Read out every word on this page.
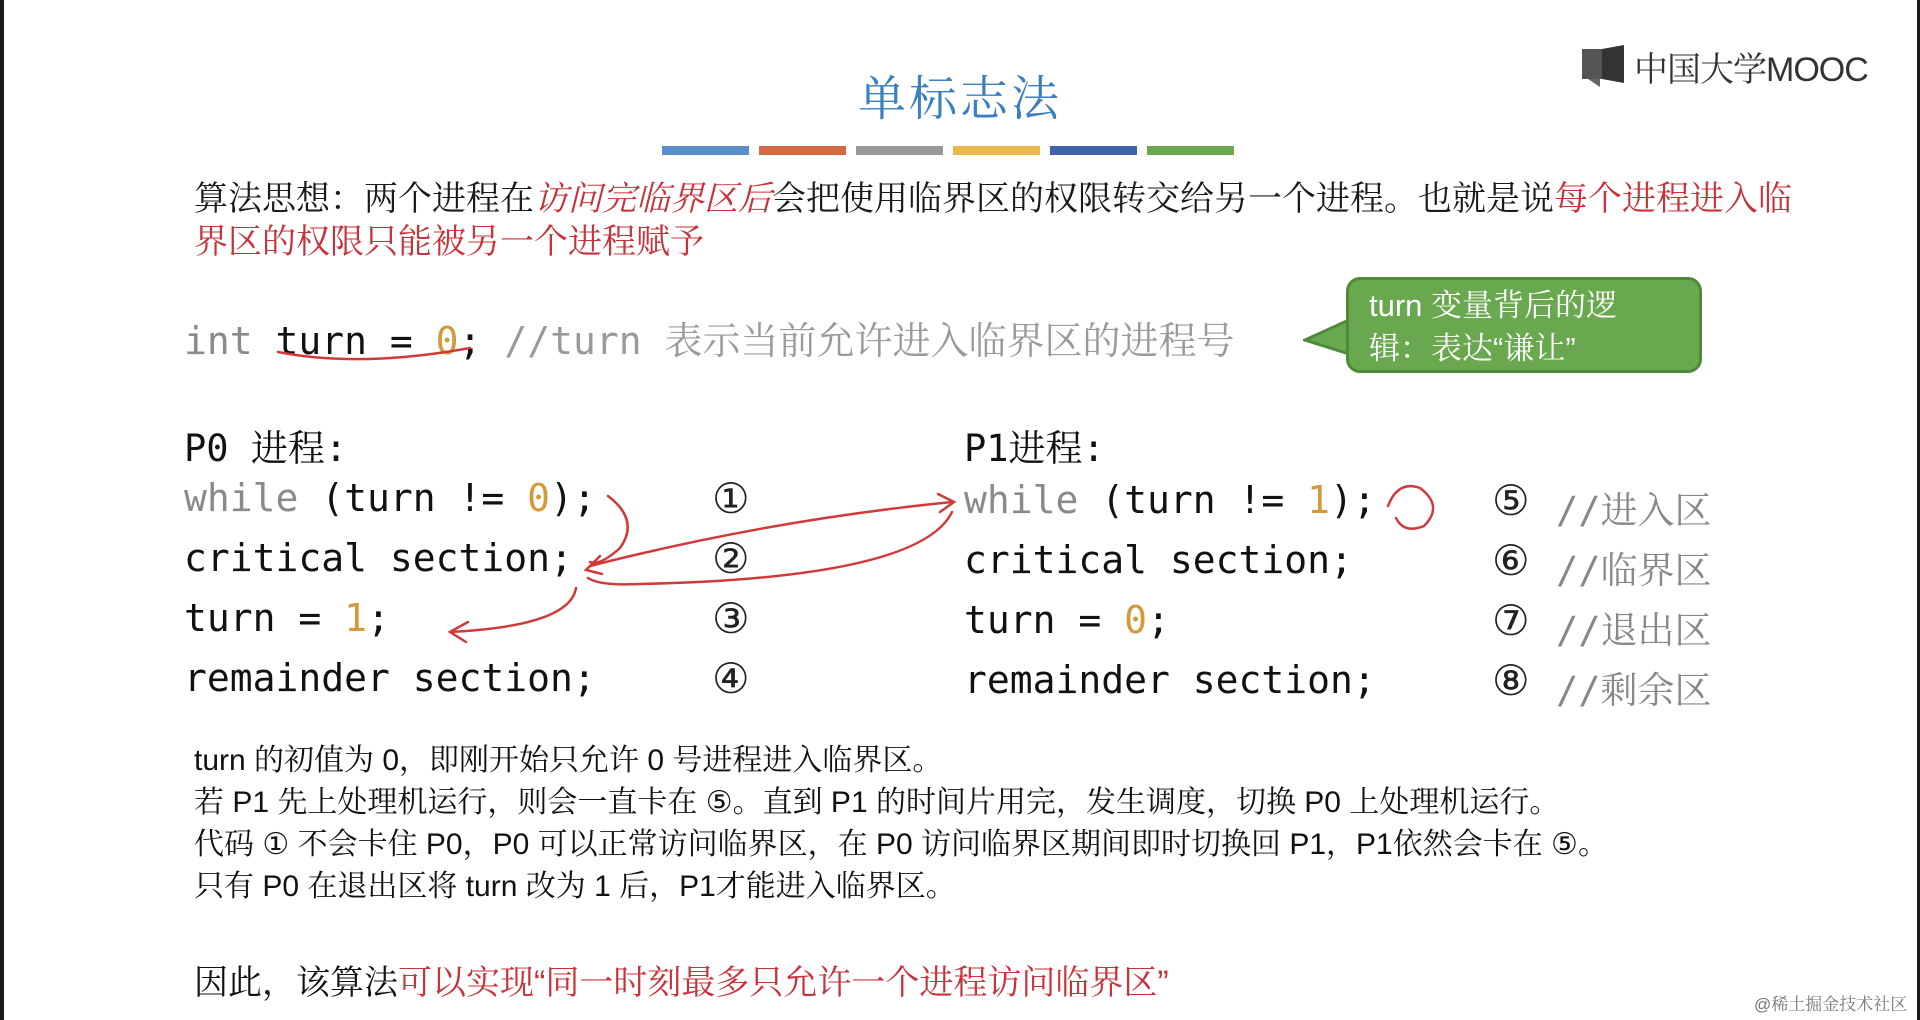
单标志法
中国大学MOOC
算法思想：两个进程在访问完临界区后会把使用临界区的权限转交给另一个进程。也就是说每个进程进入临界区的权限只能被另一个进程赋予
int turn = 0; //turn 表示当前允许进入临界区的进程号
turn 变量背后的逻
辑：表达“谦让”
P0 进程:
while (turn != 0);
critical section;
turn = 1;
remainder section;
①
②
③
④
P1进程:
while (turn != 1);
critical section;
turn = 0;
remainder section;
⑤
⑥
⑦
⑧
//进入区
//临界区
//退出区
//剩余区
turn 的初值为 0，即刚开始只允许 0 号进程进入临界区。
若 P1 先上处理机运行，则会一直卡在 ⑤。直到 P1 的时间片用完，发生调度，切换 P0 上处理机运行。
代码 ① 不会卡住 P0，P0 可以正常访问临界区，在 P0 访问临界区期间即时切换回 P1，P1依然会卡在 ⑤。
只有 P0 在退出区将 turn 改为 1 后，P1才能进入临界区。
因此，该算法可以实现“同一时刻最多只允许一个进程访问临界区”
@稀土掘金技术社区
